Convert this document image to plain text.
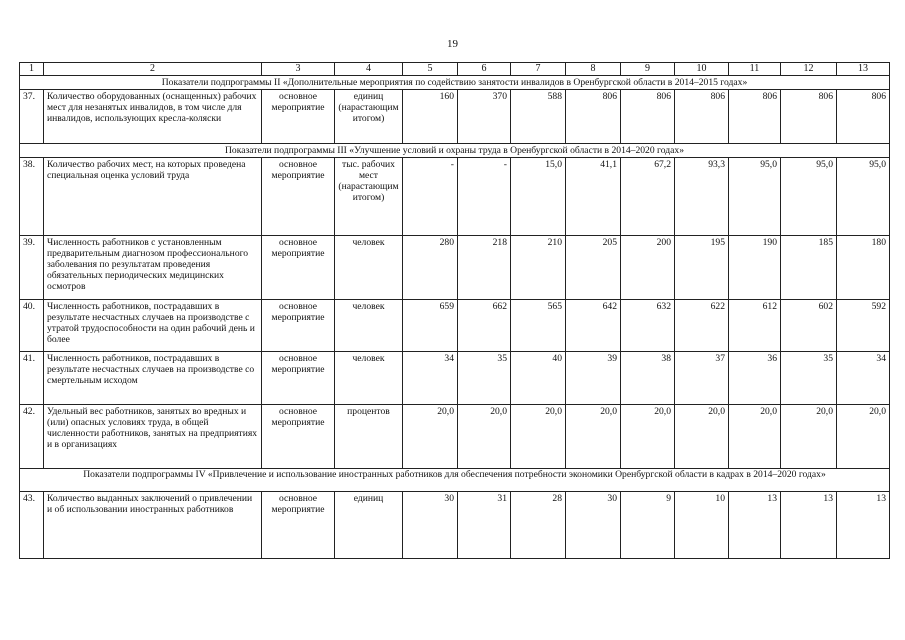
19
1	2	3	4	5	6	7	8	9	10	11	12	13
Показатели подпрограммы II «Дополнительные мероприятия по содействию занятости инвалидов в Оренбургской области в 2014–2015 годах»												
37.	Количество оборудованных (оснащенных) рабочих мест для незанятых инвалидов, в том числе для инвалидов, использующих кресла-коляски	основное мероприятие	единиц (нарастающим итогом)	160	370	588	806	806	806	806	806	806
Показатели подпрограммы III «Улучшение условий и охраны труда в Оренбургской области в 2014–2020 годах»												
38.	Количество рабочих мест, на которых проведена специальная оценка условий труда	основное мероприятие	тыс. рабочих мест (нарастающим итогом)	-	-	15,0	41,1	67,2	93,3	95,0	95,0	95,0
39.	Численность работников с установленным предварительным диагнозом профессионального заболевания по результатам проведения обязательных периодических медицинских осмотров	основное мероприятие	человек	280	218	210	205	200	195	190	185	180
40.	Численность работников, пострадавших в результате несчастных случаев на производстве с утратой трудоспособности на один рабочий день и более	основное мероприятие	человек	659	662	565	642	632	622	612	602	592
41.	Численность работников, пострадавших в результате несчастных случаев на производстве со смертельным исходом	основное мероприятие	человек	34	35	40	39	38	37	36	35	34
42.	Удельный вес работников, занятых во вредных и (или) опасных условиях труда, в общей численности работников, занятых на предприятиях и в организациях	основное мероприятие	процентов	20,0	20,0	20,0	20,0	20,0	20,0	20,0	20,0	20,0
Показатели подпрограммы IV «Привлечение и использование иностранных работников для обеспечения потребности экономики Оренбургской области в кадрах в 2014–2020 годах»												
43.	Количество выданных заключений о привлечении и об использовании иностранных работников	основное мероприятие	единиц	30	31	28	30	9	10	13	13	13
